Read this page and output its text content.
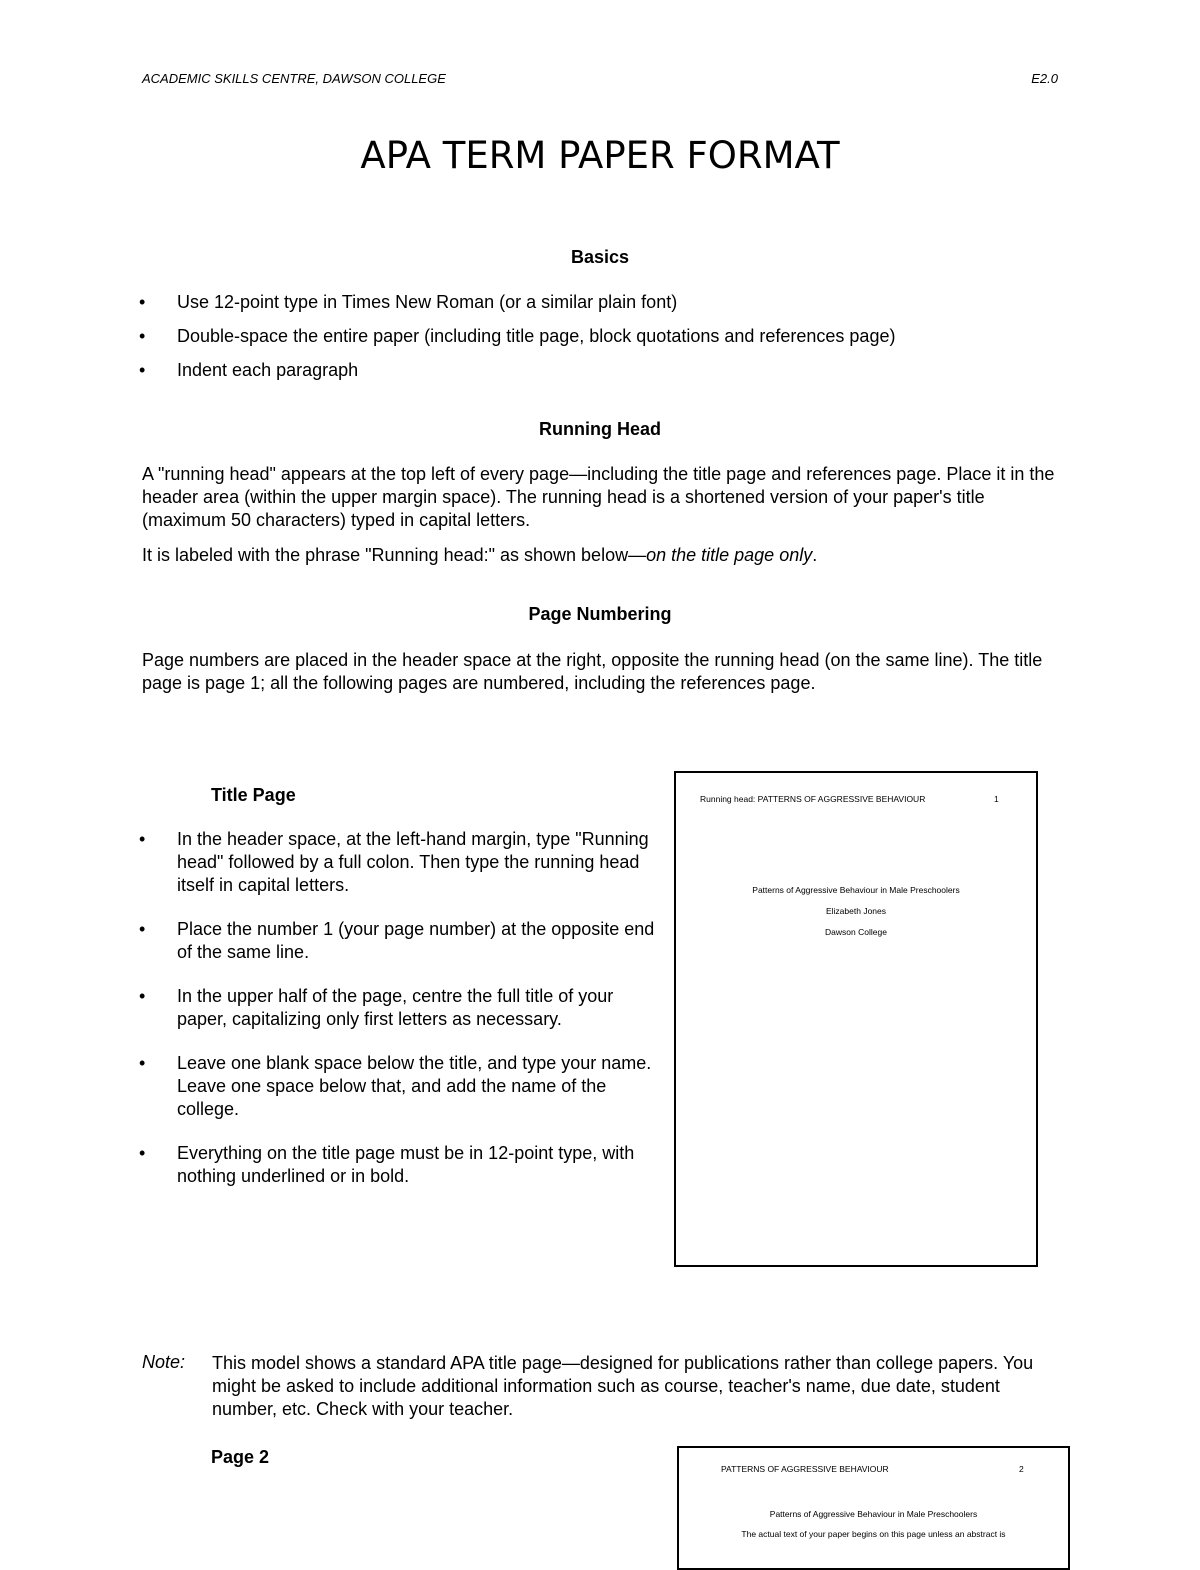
ACADEMIC SKILLS CENTRE, DAWSON COLLEGE	E2.0
APA TERM PAPER FORMAT
Basics
• Use 12-point type in Times New Roman (or a similar plain font)
• Double-space the entire paper (including title page, block quotations and references page)
• Indent each paragraph
Running Head
A "running head" appears at the top left of every page—including the title page and references page. Place it in the header area (within the upper margin space). The running head is a shortened version of your paper's title (maximum 50 characters) typed in capital letters.
It is labeled with the phrase "Running head:" as shown below—on the title page only.
Page Numbering
Page numbers are placed in the header space at the right, opposite the running head (on the same line). The title page is page 1; all the following pages are numbered, including the references page.
Title Page
• In the header space, at the left-hand margin, type "Running head" followed by a full colon. Then type the running head itself in capital letters.
• Place the number 1 (your page number) at the opposite end of the same line.
• In the upper half of the page, centre the full title of your paper, capitalizing only first letters as necessary.
• Leave one blank space below the title, and type your name. Leave one space below that, and add the name of the college.
• Everything on the title page must be in 12-point type, with nothing underlined or in bold.
Running head: PATTERNS OF AGGRESSIVE BEHAVIOUR	1
Patterns of Aggressive Behaviour in Male Preschoolers
Elizabeth Jones
Dawson College
Note: This model shows a standard APA title page—designed for publications rather than college papers. You might be asked to include additional information such as course, teacher's name, due date, student number, etc. Check with your teacher.
Page 2
PATTERNS OF AGGRESSIVE BEHAVIOUR	2
Patterns of Aggressive Behaviour in Male Preschoolers
The actual text of your paper begins on this page unless an abstract is
